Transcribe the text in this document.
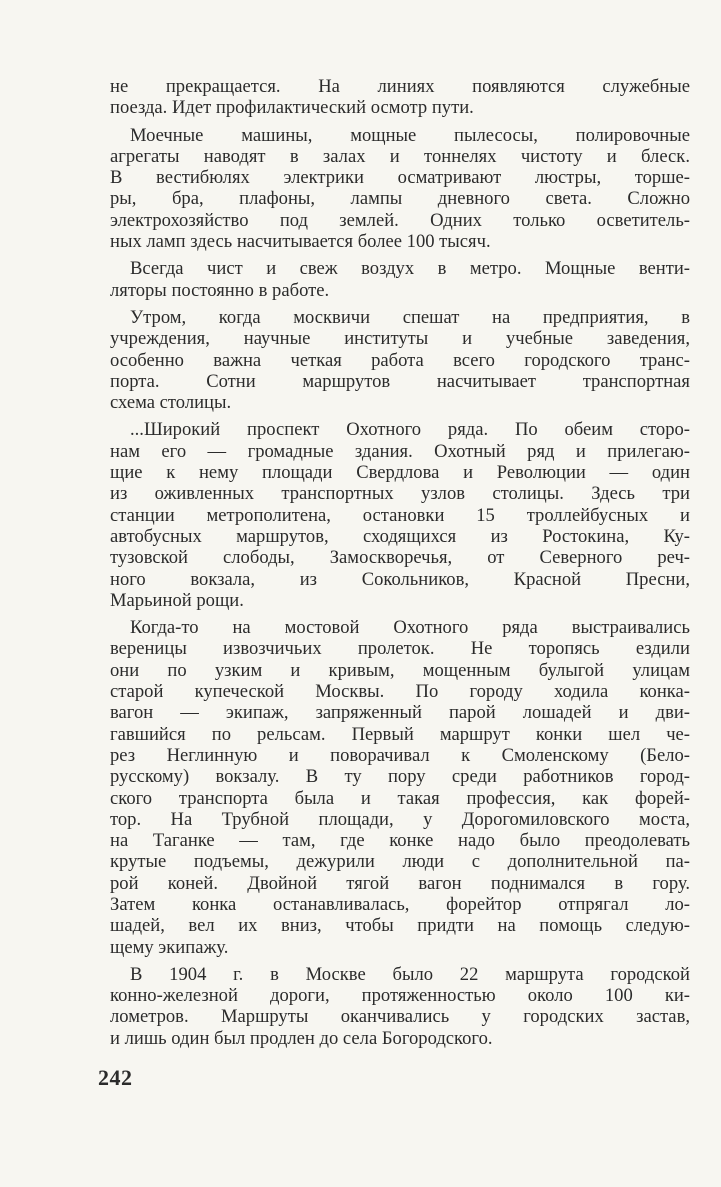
не прекращается. На линиях появляются служебные
поезда. Идет профилактический осмотр пути.
Моечные машины, мощные пылесосы, полировочные
агрегаты наводят в залах и тоннелях чистоту и блеск.
В вестибюлях электрики осматривают люстры, торше-
ры, бра, плафоны, лампы дневного света. Сложно
электрохозяйство под землей. Одних только осветитель-
ных ламп здесь насчитывается более 100 тысяч.
Всегда чист и свеж воздух в метро. Мощные венти-
ляторы постоянно в работе.
Утром, когда москвичи спешат на предприятия, в
учреждения, научные институты и учебные заведения,
особенно важна четкая работа всего городского транс-
порта. Сотни маршрутов насчитывает транспортная
схема столицы.
...Широкий проспект Охотного ряда. По обеим сторо-
нам его — громадные здания. Охотный ряд и прилегаю-
щие к нему площади Свердлова и Революции — один
из оживленных транспортных узлов столицы. Здесь три
станции метрополитена, остановки 15 троллейбусных и
автобусных маршрутов, сходящихся из Ростокина, Ку-
тузовской слободы, Замоскворечья, от Северного реч-
ного вокзала, из Сокольников, Красной Пресни,
Марьиной рощи.
Когда-то на мостовой Охотного ряда выстраивались
вереницы извозчичьих пролеток. Не торопясь ездили
они по узким и кривым, мощенным булыгой улицам
старой купеческой Москвы. По городу ходила конка-
вагон — экипаж, запряженный парой лошадей и дви-
гавшийся по рельсам. Первый маршрут конки шел че-
рез Неглинную и поворачивал к Смоленскому (Бело-
русскому) вокзалу. В ту пору среди работников город-
ского транспорта была и такая профессия, как форей-
тор. На Трубной площади, у Дорогомиловского моста,
на Таганке — там, где конке надо было преодолевать
крутые подъемы, дежурили люди с дополнительной па-
рой коней. Двойной тягой вагон поднимался в гору.
Затем конка останавливалась, форейтор отпрягал ло-
шадей, вел их вниз, чтобы придти на помощь следую-
щему экипажу.
В 1904 г. в Москве было 22 маршрута городской
конно-железной дороги, протяженностью около 100 ки-
лометров. Маршруты оканчивались у городских застав,
и лишь один был продлен до села Богородского.
242
